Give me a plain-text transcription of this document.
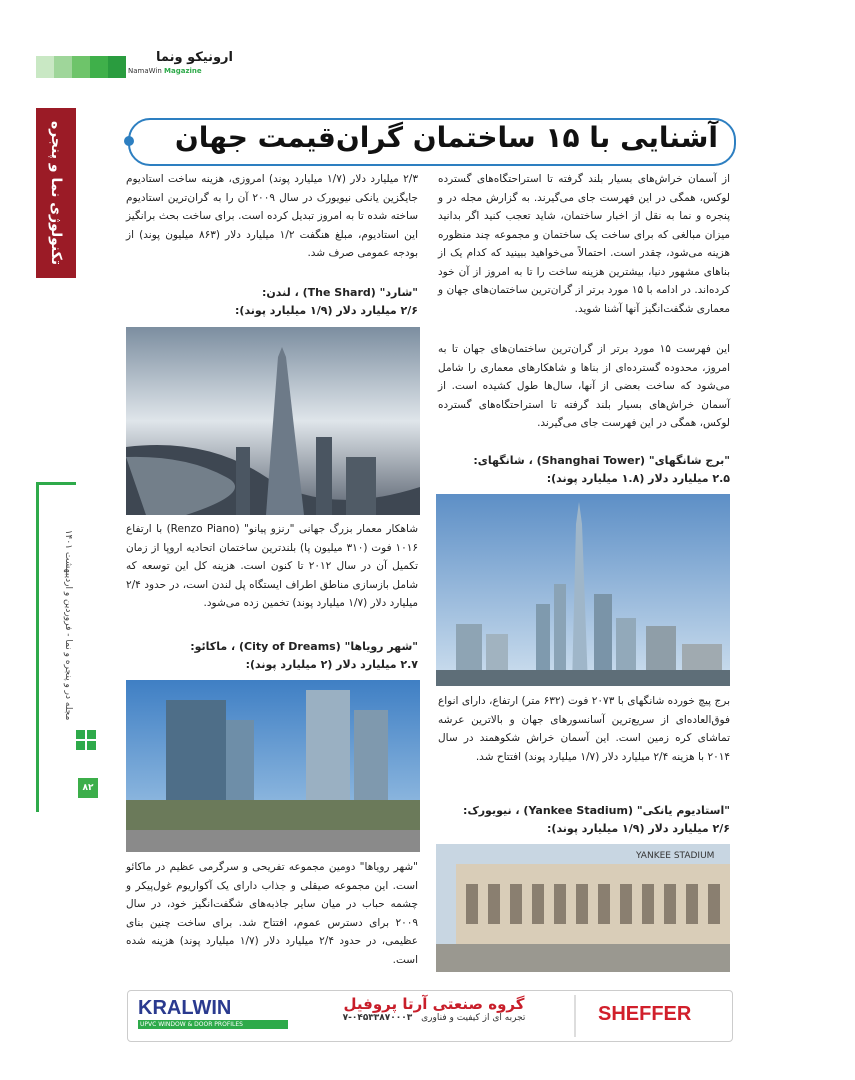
ارونیکو ونما
NamaWin Magazine
تکنولوژی نما و پنجره
مجله در و پنجره و نما - فروردین و اردیبهشت ۱۴۰۱
۸۲
آشنایی با ۱۵ ساختمان گران‌قیمت جهان
از آسمان خراش‌های بسیار بلند گرفته تا استراحتگاه‌های گسترده لوکس، همگی در این فهرست جای می‌گیرند. به گزارش مجله در و پنجره و نما به نقل از اخبار ساختمان، شاید تعجب کنید اگر بدانید میزان مبالغی که برای ساخت یک ساختمان و مجموعه چند منظوره هزینه می‌شود، چقدر است. احتمالاً می‌خواهید ببینید که کدام یک از بناهای مشهور دنیا، بیشترین هزینه ساخت را تا به امروز از آن خود کرده‌اند. در ادامه با ۱۵ مورد برتر از گران‌ترین ساختمان‌های جهان و معماری شگفت‌انگیز آنها آشنا شوید.
این فهرست ۱۵ مورد برتر از گران‌ترین ساختمان‌های جهان تا به امروز، محدوده گسترده‌ای از بناها و شاهکارهای معماری را شامل می‌شود که ساخت بعضی از آنها، سال‌ها طول کشیده است. از آسمان خراش‌های بسیار بلند گرفته تا استراحتگاه‌های گسترده لوکس، همگی در این فهرست جای می‌گیرند.
"برج شانگهای" (Shanghai Tower) ، شانگهای:
۲.۵ میلیارد دلار (۱.۸ میلیارد پوند):
برج پیچ خورده شانگهای با ۲۰۷۳ فوت (۶۳۲ متر) ارتفاع، دارای انواع فوق‌العاده‌ای از سریع‌ترین آسانسورهای جهان و بالاترین عرشه تماشای کره زمین است. این آسمان خراش شکوهمند در سال ۲۰۱۴ با هزینه ۲/۴ میلیارد دلار (۱/۷ میلیارد پوند) افتتاح شد.
"استادیوم یانکی" (Yankee Stadium) ، نیویورک:
۲/۶ میلیارد دلار (۱/۹ میلیارد پوند):
YANKEE STADIUM
۲/۳ میلیارد دلار (۱/۷ میلیارد پوند) امروزی، هزینه ساخت استادیوم جایگزین یانکی نیویورک در سال ۲۰۰۹ آن را به گران‌ترین استادیوم ساخته شده تا به امروز تبدیل کرده است. برای ساخت بحث برانگیز این استادیوم، مبلغ هنگفت ۱/۲ میلیارد دلار (۸۶۳ میلیون پوند) از بودجه عمومی صرف شد.
"شارد" (The Shard) ، لندن:
۲/۶ میلیارد دلار (۱/۹ میلیارد پوند):
شاهکار معمار بزرگ جهانی "رنزو پیانو" (Renzo Piano) با ارتفاع ۱۰۱۶ فوت (۳۱۰ میلیون پا) بلندترین ساختمان اتحادیه اروپا از زمان تکمیل آن در سال ۲۰۱۲ تا کنون است. هزینه کل این توسعه که شامل بازسازی مناطق اطراف ایستگاه پل لندن است، در حدود ۲/۴ میلیارد دلار (۱/۷ میلیارد پوند) تخمین زده می‌شود.
"شهر رویاها" (City of Dreams) ، ماکائو:
۲.۷ میلیارد دلار (۲ میلیارد پوند):
"شهر رویاها" دومین مجموعه تفریحی و سرگرمی عظیم در ماکائو است. این مجموعه صیقلی و جذاب دارای یک آکواریوم غول‌پیکر و چشمه حباب در میان سایر جاذبه‌های شگفت‌انگیز خود، در سال ۲۰۰۹ برای دسترس عموم، افتتاح شد. برای ساخت چنین بنای عظیمی، در حدود ۲/۴ میلیارد دلار (۱/۷ میلیارد پوند) هزینه شده است.
KRALWIN
UPVC WINDOW & DOOR PROFILES
گروه صنعتی آرتا پروفیل
تجربه ای از کیفیت و فناوری ۰۴۵۳۳۸۷۰۰۰۳-۷	SHEFFER
